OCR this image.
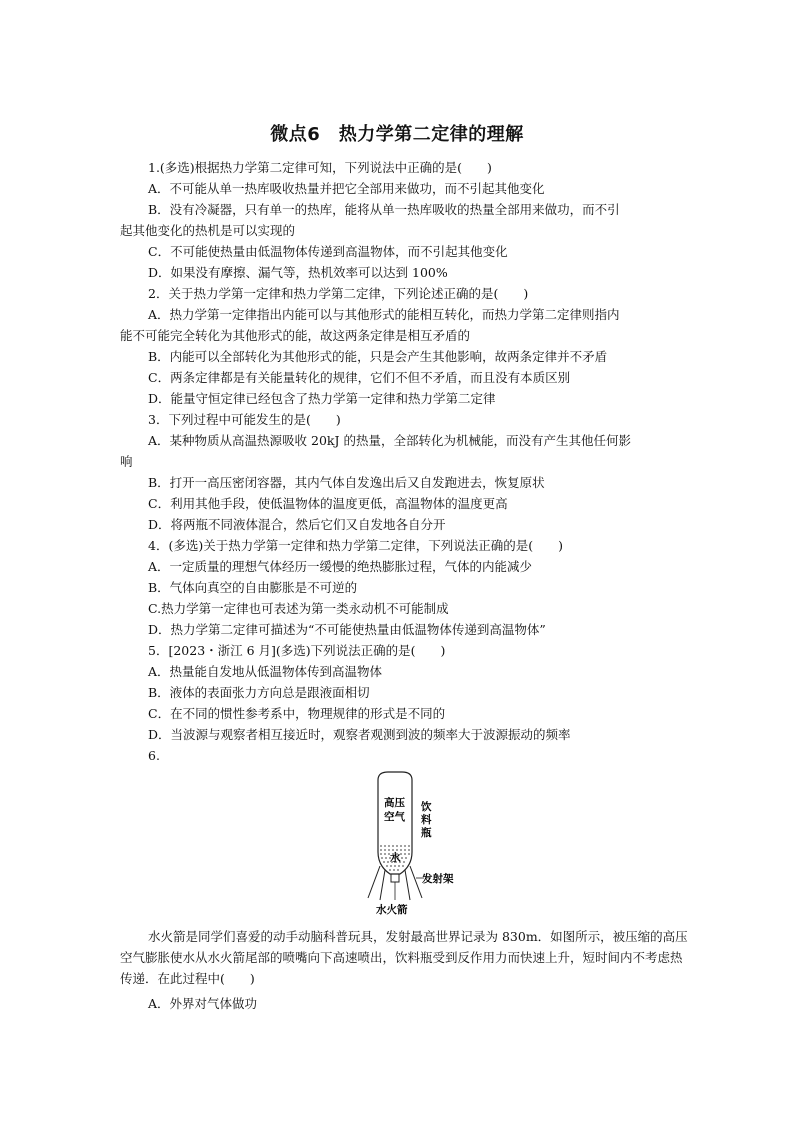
微点6　热力学第二定律的理解
1.(多选)根据热力学第二定律可知，下列说法中正确的是(　　)
A．不可能从单一热库吸收热量并把它全部用来做功，而不引起其他变化
B．没有冷凝器，只有单一的热库，能将从单一热库吸收的热量全部用来做功，而不引
起其他变化的热机是可以实现的
C．不可能使热量由低温物体传递到高温物体，而不引起其他变化
D．如果没有摩擦、漏气等，热机效率可以达到 100%
2．关于热力学第一定律和热力学第二定律，下列论述正确的是(　　)
A．热力学第一定律指出内能可以与其他形式的能相互转化，而热力学第二定律则指内
能不可能完全转化为其他形式的能，故这两条定律是相互矛盾的
B．内能可以全部转化为其他形式的能，只是会产生其他影响，故两条定律并不矛盾
C．两条定律都是有关能量转化的规律，它们不但不矛盾，而且没有本质区别
D．能量守恒定律已经包含了热力学第一定律和热力学第二定律
3．下列过程中可能发生的是(　　)
A．某种物质从高温热源吸收 20kJ 的热量，全部转化为机械能，而没有产生其他任何影
响
B．打开一高压密闭容器，其内气体自发逸出后又自发跑进去，恢复原状
C．利用其他手段，使低温物体的温度更低，高温物体的温度更高
D．将两瓶不同液体混合，然后它们又自发地各自分开
4．(多选)关于热力学第一定律和热力学第二定律，下列说法正确的是(　　)
A．一定质量的理想气体经历一缓慢的绝热膨胀过程，气体的内能减少
B．气体向真空的自由膨胀是不可逆的
C.热力学第一定律也可表述为第一类永动机不可能制成
D．热力学第二定律可描述为“不可能使热量由低温物体传递到高温物体”
5．[2023・浙江 6 月](多选)下列说法正确的是(　　)
A．热量能自发地从低温物体传到高温物体
B．液体的表面张力方向总是跟液面相切
C．在不同的惯性参考系中，物理规律的形式是不同的
D．当波源与观察者相互接近时，观察者观测到波的频率大于波源振动的频率
6.
高压
空气
饮
料
瓶
水
发射架
水火箭
水火箭是同学们喜爱的动手动脑科普玩具，发射最高世界记录为 830m．如图所示，被压缩的高压空气膨胀使水从水火箭尾部的喷嘴向下高速喷出，饮料瓶受到反作用力而快速上升，短时间内不考虑热传递．在此过程中(　　)
A．外界对气体做功
